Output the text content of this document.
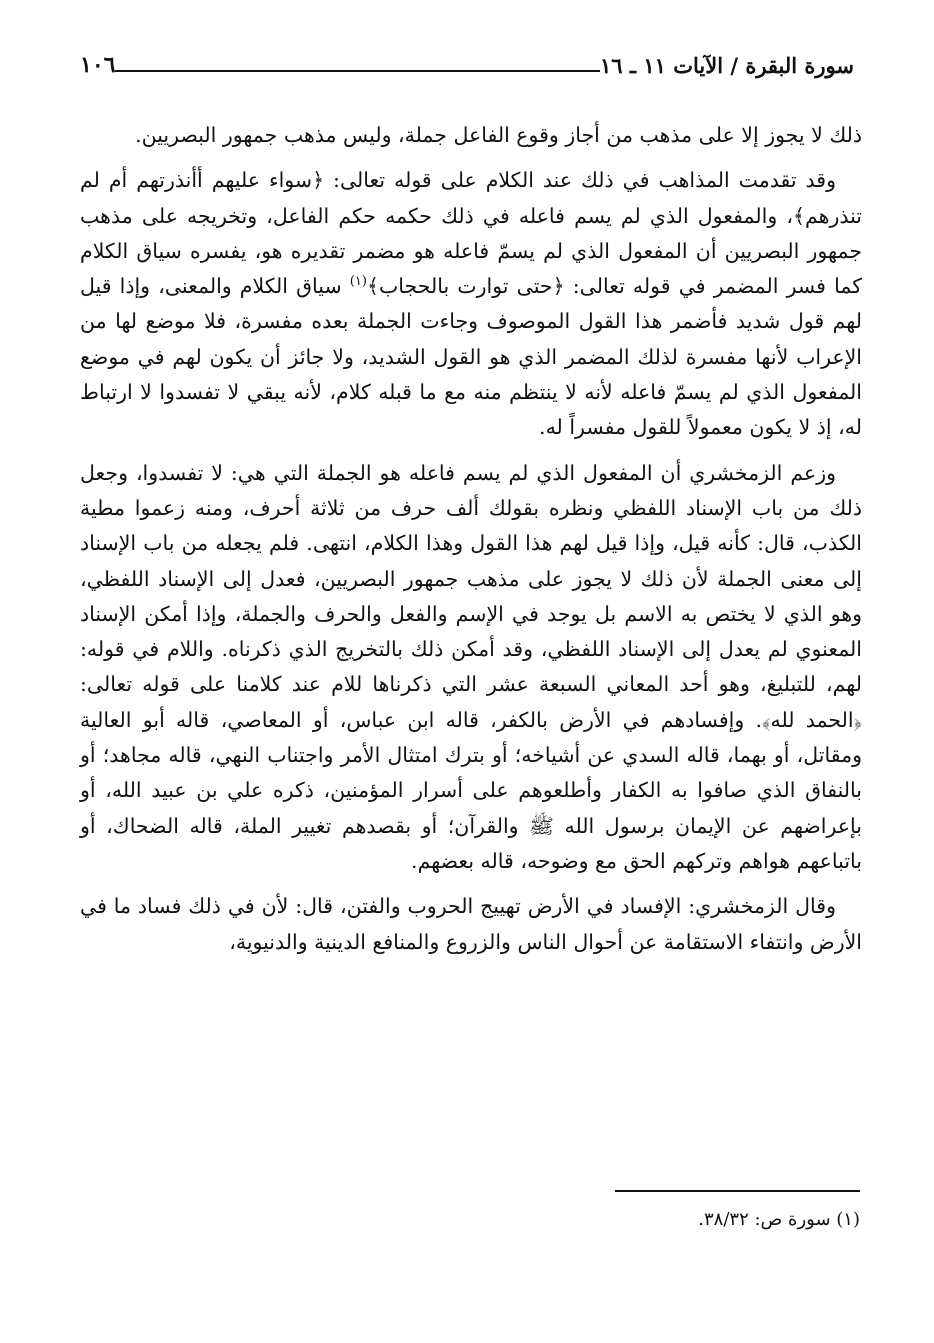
سورة البقرة / الآيات ١١ ـ ١٦
١٠٦

ذلك لا يجوز إلا على مذهب من أجاز وقوع الفاعل جملة، وليس مذهب جمهور البصريين.

وقد تقدمت المذاهب في ذلك عند الكلام على قوله تعالى: ﴿سواء عليهم أأنذرتهم أم لم تنذرهم﴾، والمفعول الذي لم يسم فاعله في ذلك حكمه حكم الفاعل، وتخريجه على مذهب جمهور البصريين أن المفعول الذي لم يسمّ فاعله هو مضمر تقديره هو، يفسره سياق الكلام كما فسر المضمر في قوله تعالى: ﴿حتى توارت بالحجاب﴾$^{(١)}$ سياق الكلام والمعنى، وإذا قيل لهم قول شديد فأضمر هذا القول الموصوف وجاءت الجملة بعده مفسرة، فلا موضع لها من الإعراب لأنها مفسرة لذلك المضمر الذي هو القول الشديد، ولا جائز أن يكون لهم في موضع المفعول الذي لم يسمّ فاعله لأنه لا ينتظم منه مع ما قبله كلام، لأنه يبقي لا تفسدوا لا ارتباط له، إذ لا يكون معمولاً للقول مفسراً له.

وزعم الزمخشري أن المفعول الذي لم يسم فاعله هو الجملة التي هي: لا تفسدوا، وجعل ذلك من باب الإسناد اللفظي ونظره بقولك ألف حرف من ثلاثة أحرف، ومنه زعموا مطية الكذب، قال: كأنه قيل، وإذا قيل لهم هذا القول وهذا الكلام، انتهى. فلم يجعله من باب الإسناد إلى معنى الجملة لأن ذلك لا يجوز على مذهب جمهور البصريين، فعدل إلى الإسناد اللفظي، وهو الذي لا يختص به الاسم بل يوجد في الإسم والفعل والحرف والجملة، وإذا أمكن الإسناد المعنوي لم يعدل إلى الإسناد اللفظي، وقد أمكن ذلك بالتخريج الذي ذكرناه. واللام في قوله: لهم، للتبليغ، وهو أحد المعاني السبعة عشر التي ذكرناها للام عند كلامنا على قوله تعالى: ﴿الحمد لله﴾. وإفسادهم في الأرض بالكفر، قاله ابن عباس، أو المعاصي، قاله أبو العالية ومقاتل، أو بهما، قاله السدي عن أشياخه؛ أو بترك امتثال الأمر واجتناب النهي، قاله مجاهد؛ أو بالنفاق الذي صافوا به الكفار وأطلعوهم على أسرار المؤمنين، ذكره علي بن عبيد الله، أو بإعراضهم عن الإيمان برسول الله ﷺ والقرآن؛ أو بقصدهم تغيير الملة، قاله الضحاك، أو باتباعهم هواهم وتركهم الحق مع وضوحه، قاله بعضهم.

وقال الزمخشري: الإفساد في الأرض تهييج الحروب والفتن، قال: لأن في ذلك فساد ما في الأرض وانتفاء الاستقامة عن أحوال الناس والزروع والمنافع الدينية والدنيوية،

(١) سورة ص: ٣٨/٣٢.
